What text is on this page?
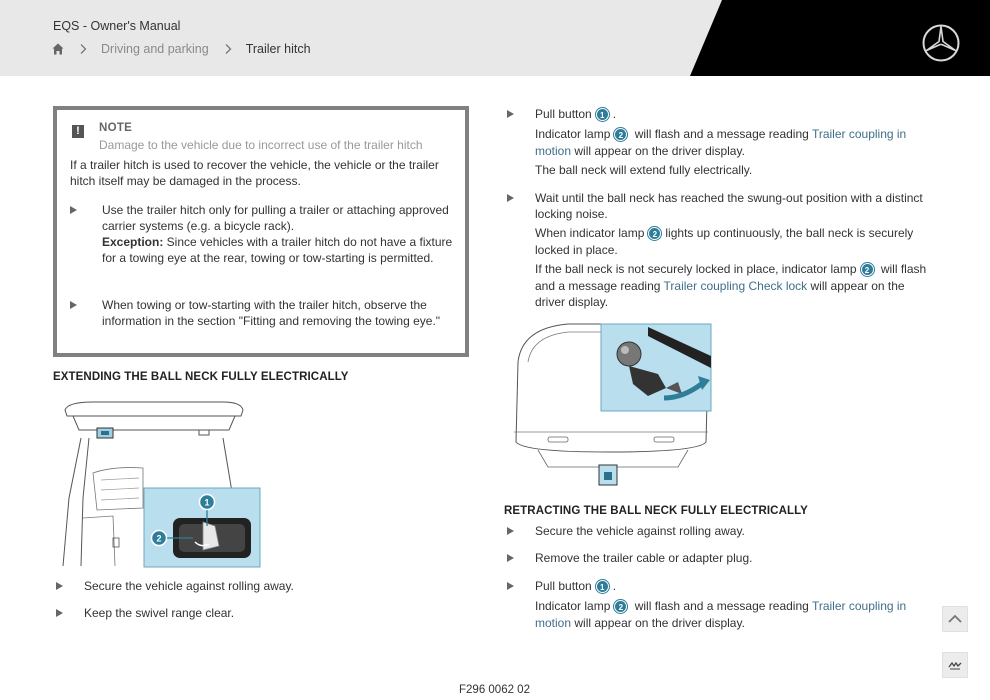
EQS - Owner's Manual
Driving and parking	Trailer hitch
!	NOTE
Damage to the vehicle due to incorrect use of the trailer hitch
If a trailer hitch is used to recover the vehicle, the vehicle or the trailer hitch itself may be damaged in the process.
Use the trailer hitch only for pulling a trailer or attaching approved carrier systems (e.g. a bicycle rack).
Exception: Since vehicles with a trailer hitch do not have a fixture for a towing eye at the rear, towing or tow-starting is permitted.
When towing or tow-starting with the trailer hitch, observe the information in the section "Fitting and removing the towing eye."
EXTENDING THE BALL NECK FULLY ELECTRICALLY
1
2
Secure the vehicle against rolling away.
Keep the swivel range clear.
Pull button 1 .
Indicator lamp 2 will flash and a message reading Trailer coupling in motion will appear on the driver display.
The ball neck will extend fully electrically.
Wait until the ball neck has reached the swung-out position with a distinct locking noise.
When indicator lamp 2 lights up continuously, the ball neck is securely locked in place.
If the ball neck is not securely locked in place, indicator lamp 2 will flash and a message reading Trailer coupling Check lock will appear on the driver display.
RETRACTING THE BALL NECK FULLY ELECTRICALLY
Secure the vehicle against rolling away.
Remove the trailer cable or adapter plug.
Pull button 1 .
Indicator lamp 2 will flash and a message reading Trailer coupling in motion will appear on the driver display.
F296 0062 02
